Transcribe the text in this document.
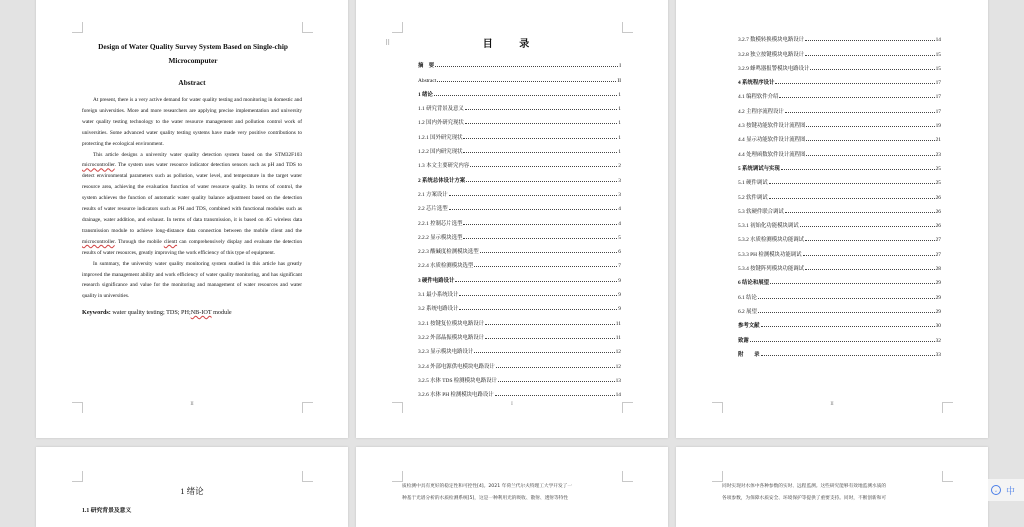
Design of Water Quality Survey System Based on Single-chip Microcomputer
Abstract

At present, there is a very active demand for water quality testing and monitoring in domestic and foreign universities. More and more researchers are applying precise implementation and university water quality testing technology to the water resource management and pollution control work of universities. Some advanced water quality testing systems have made very positive contributions to protecting the ecological environment.

This article designs a university water quality detection system based on the STM32F103 microcontroller. The system uses water resource indicator detection sensors such as pH and TDS to detect environmental parameters such as pollution, water level, and temperature in the target water resource area, achieving the evaluation function of water resource quality. In terms of control, the system achieves the function of automatic water quality balance adjustment based on the detection results of water resource indicators such as PH and TDS, combined with functional modules such as drainage, water addition, and exhaust. In terms of data transmission, it is based on 4G wireless data transmission module to achieve long-distance data connection between the mobile client and the microcontroller. Through the mobile clientt can comprehensively display and evaluate the detection results of water resources, greatly improving the work efficiency of this type of equipment.

In summary, the university water quality monitoring system studied in this article has greatly improved the management ability and work efficiency of water quality monitoring, and has significant research significance and value for the monitoring and management of water resources and water quality in universities.

Keywords: water quality testing; TDS; PH;NB-IOT module

II
⠿	目 录
摘　要	I
Abstract	II
1 绪论	1
1.1 研究背景及意义	1
1.2 国内外研究现状	1
1.2.1 国外研究现状	1
1.2.2 国内研究现状	1
1.3 本文主要研究内容	2
2 系统总体设计方案	3
2.1 方案设计	3
2.2 芯片选型	4
2.2.1 控制芯片选型	4
2.2.2 显示模块选型	5
2.2.3 酸碱度检测模块选型	6
2.2.4 水质检测模块选型	7
3 硬件电路设计	9
3.1 最小系统设计	9
3.2 系统电路设计	9
3.2.1 按键复位模块电路设计	11
3.2.2 外部晶振模块电路设计	11
3.2.3 显示模块电路设计	12
3.2.4 外部电源供电模块电路设计	12
3.2.5 水体 TDS 检测模块电路设计	13
3.2.6 水体 PH 检测模块电路设计	14
I
3.2.7 数模转换模块电路设计	14
3.2.8 独立按键模块电路设计	15
3.2.9 蜂鸣器报警模块电路设计	15
4 系统程序设计	17
4.1 编程软件介绍	17
4.2 主程序流程设计	17
4.3 按键功能软件设计流程图	19
4.4 显示功能软件设计流程图	21
4.4 处理函数软件设计流程图	23
5 系统调试与实现	25
5.1 硬件调试	25
5.2 软件调试	26
5.3 软硬件联合调试	26
5.3.1 初始化功能模块调试	26
5.3.2 水质检测模块功能调试	27
5.3.3 PH 检测模块功能调试	27
5.3.4 按键阵列模块功能调试	28
6 结论和展望	29
6.1 结论	29
6.2 展望	29
参考文献	30
致谢	32
附　　录	33
II
1 绪论
1.1 研究背景及意义
质检测中具有更好的稳定性和可控性[4]。2021 年荷兰代尔夫特理工大学开发了一
种基于光谱分析的水质检测系统[5]，这是一种利用光的吸收、散射、透射等特性
同时实现对水体中各种参数的实时、远程监测。这些研究能够有效地监测水质的
各项参数，为保障水质安全、环境保护等提供了重要支持。同时，不断创新和可
⌣ 中
